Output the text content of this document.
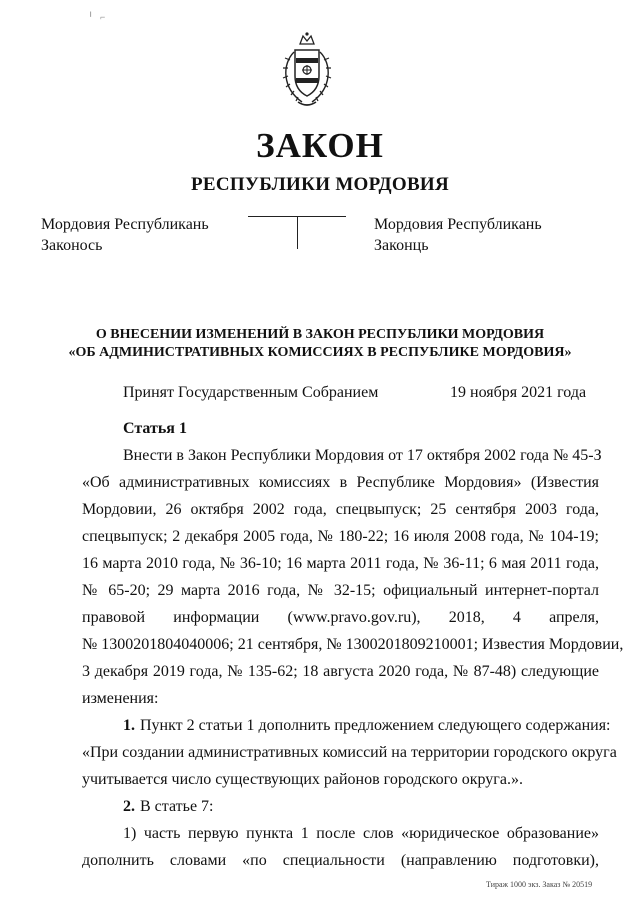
╵   ⌐
ЗАКОН
РЕСПУБЛИКИ МОРДОВИЯ
Мордовия Республикань
Законось
Мордовия Республикань
Законць
О ВНЕСЕНИИ ИЗМЕНЕНИЙ В ЗАКОН РЕСПУБЛИКИ МОРДОВИЯ
«ОБ АДМИНИСТРАТИВНЫХ КОМИССИЯХ В РЕСПУБЛИКЕ МОРДОВИЯ»
Принят Государственным Собранием	19 ноября 2021 года
Статья 1
Внести в Закон Республики Мордовия от 17 октября 2002 года № 45-З
«Об административных комиссиях в Республике Мордовия» (Известия
Мордовии, 26 октября 2002 года, спецвыпуск; 25 сентября 2003 года,
спецвыпуск; 2 декабря 2005 года, № 180-22; 16 июля 2008 года, № 104-19;
16 марта 2010 года, № 36-10; 16 марта 2011 года, № 36-11; 6 мая 2011 года,
№ 65-20; 29 марта 2016 года, № 32-15; официальный интернет-портал
правовой информации (www.pravo.gov.ru), 2018, 4 апреля,
№ 1300201804040006; 21 сентября, № 1300201809210001; Известия Мордовии,
3 декабря 2019 года, № 135-62; 18 августа 2020 года, № 87-48) следующие
изменения:
1. Пункт 2 статьи 1 дополнить предложением следующего содержания:
«При создании административных комиссий на территории городского округа
учитывается число существующих районов городского округа.».
2. В статье 7:
1) часть первую пункта 1 после слов «юридическое образование»
дополнить словами «по специальности (направлению подготовки),
Тираж 1000 экз. Заказ № 20519
